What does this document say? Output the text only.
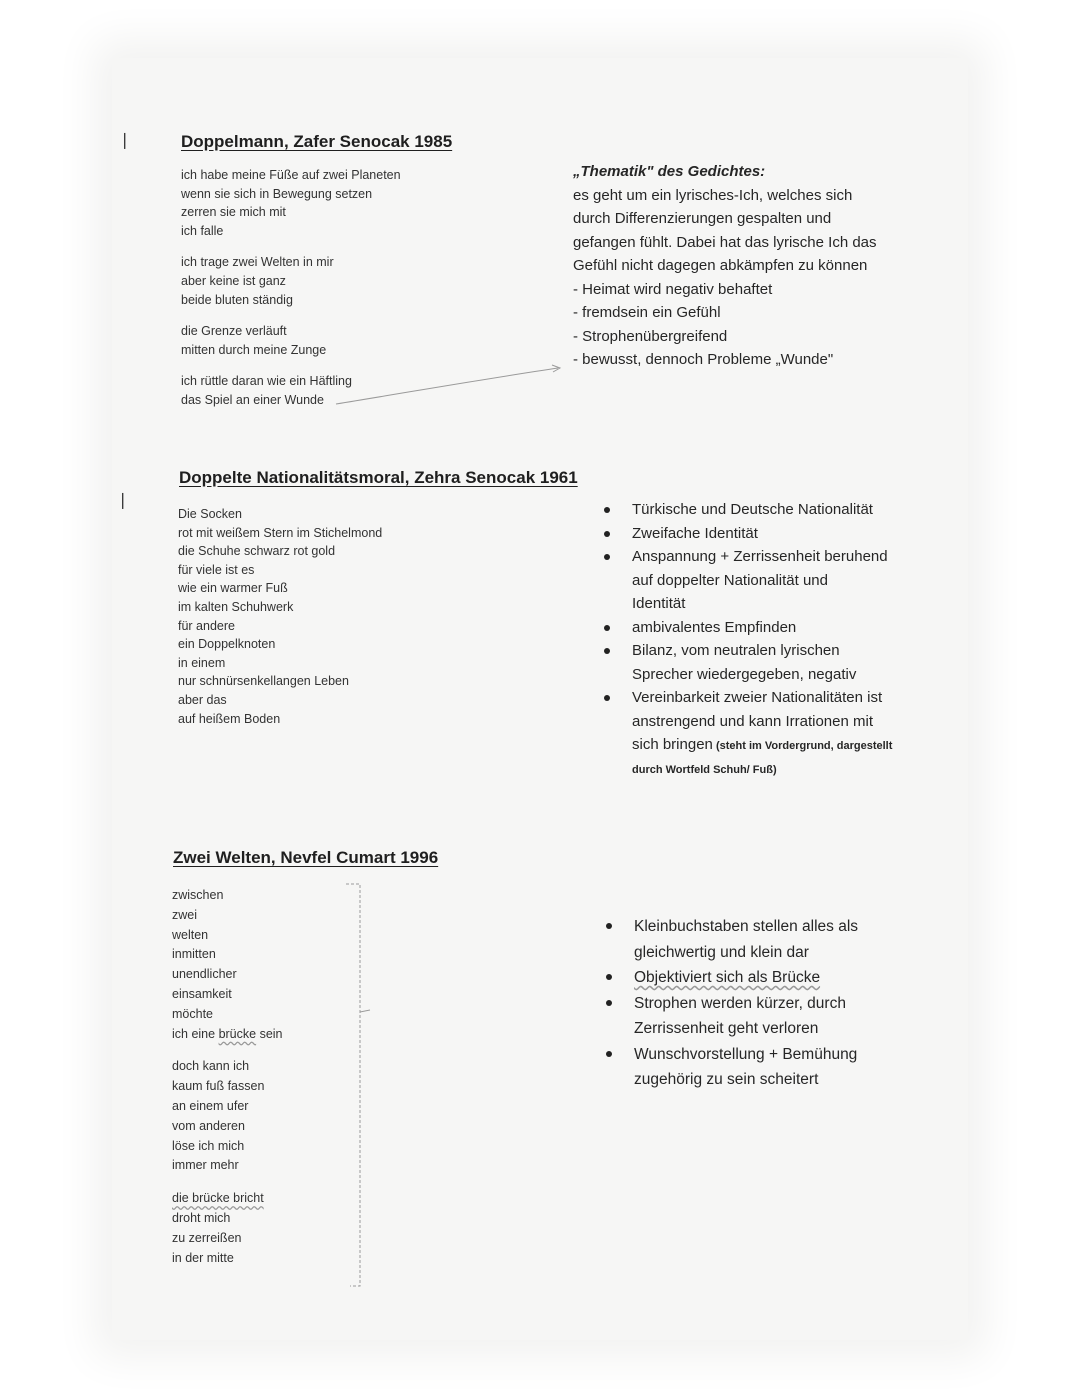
❘
❘
Doppelmann, Zafer Senocak 1985
ich habe meine Füße auf zwei Planeten
wenn sie sich in Bewegung setzen
zerren sie mich mit
ich falle
ich trage zwei Welten in mir
aber keine ist ganz
beide bluten ständig
die Grenze verläuft
mitten durch meine Zunge
ich rüttle daran wie ein Häftling
das Spiel an einer Wunde
„Thematik" des Gedichtes:
es geht um ein lyrisches-Ich, welches sich
durch Differenzierungen gespalten und
gefangen fühlt. Dabei hat das lyrische Ich das
Gefühl nicht dagegen abkämpfen zu können
- Heimat wird negativ behaftet
- fremdsein ein Gefühl
- Strophenübergreifend
- bewusst, dennoch Probleme „Wunde"
Doppelte Nationalitätsmoral, Zehra Senocak 1961
Die Socken
rot mit weißem Stern im Stichelmond
die Schuhe schwarz rot gold
für viele ist es
wie ein warmer Fuß
im kalten Schuhwerk
für andere
ein Doppelknoten
in einem
nur schnürsenkellangen Leben
aber das
auf heißem Boden
Türkische und Deutsche Nationalität
Zweifache Identität
Anspannung + Zerrissenheit beruhend
auf doppelter Nationalität und
Identität
ambivalentes Empfinden
Bilanz, vom neutralen lyrischen
Sprecher wiedergegeben, negativ
Vereinbarkeit zweier Nationalitäten ist
anstrengend und kann Irrationen mit
sich bringen (steht im Vordergrund, dargestellt
durch Wortfeld Schuh/ Fuß)
Zwei Welten, Nevfel Cumart 1996
zwischen
zwei
welten
inmitten
unendlicher
einsamkeit
möchte
ich eine brücke sein
doch kann ich
kaum fuß fassen
an einem ufer
vom anderen
löse ich mich
immer mehr
die brücke bricht
droht mich
zu zerreißen
in der mitte
Kleinbuchstaben stellen alles als
gleichwertig und klein dar
Objektiviert sich als Brücke
Strophen werden kürzer, durch
Zerrissenheit geht verloren
Wunschvorstellung + Bemühung
zugehörig zu sein scheitert
